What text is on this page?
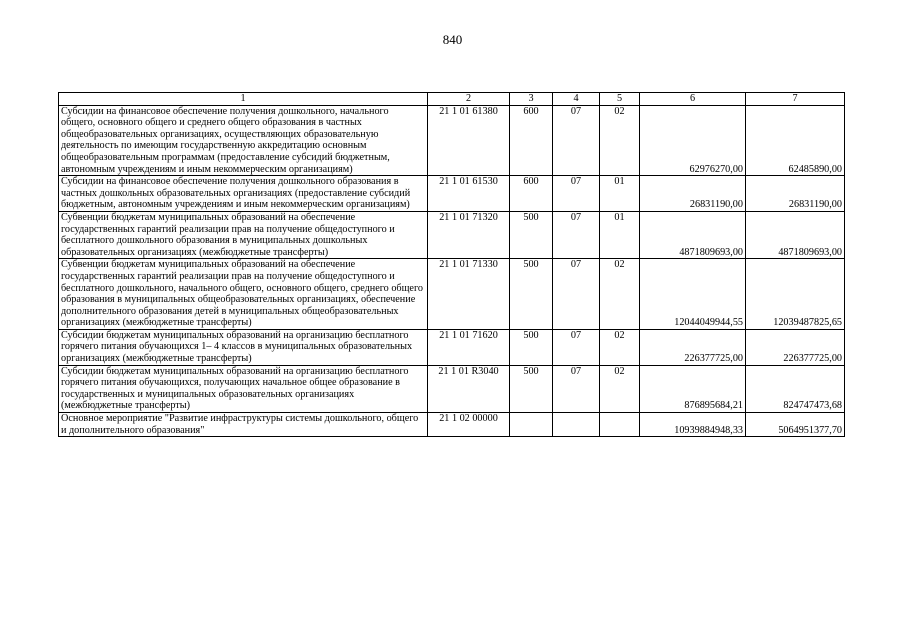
840
1	2	3	4	5	6	7
Субсидии на финансовое обеспечение получения дошкольного, начального общего, основного общего и среднего общего образования в частных общеобразовательных организациях, осуществляющих образовательную деятельность по имеющим государственную аккредитацию основным общеобразовательным программам (предоставление субсидий бюджетным, автономным учреждениям и иным некоммерческим организациям)	21 1 01 61380	600	07	02	62976270,00	62485890,00
Субсидии на финансовое обеспечение получения дошкольного образования в частных дошкольных образовательных организациях (предоставление субсидий бюджетным, автономным учреждениям и иным некоммерческим организациям)	21 1 01 61530	600	07	01	26831190,00	26831190,00
Субвенции бюджетам муниципальных образований на обеспечение государственных гарантий реализации прав на получение общедоступного и бесплатного дошкольного образования в муниципальных дошкольных образовательных организациях (межбюджетные трансферты)	21 1 01 71320	500	07	01	4871809693,00	4871809693,00
Субвенции бюджетам муниципальных образований на обеспечение государственных гарантий реализации прав на получение общедоступного и бесплатного дошкольного, начального общего, основного общего, среднего общего образования в муниципальных общеобразовательных организациях, обеспечение дополнительного образования детей в муниципальных общеобразовательных организациях (межбюджетные трансферты)	21 1 01 71330	500	07	02	12044049944,55	12039487825,65
Субсидии бюджетам муниципальных образований на организацию бесплатного горячего питания обучающихся 1– 4 классов в муниципальных образовательных организациях (межбюджетные трансферты)	21 1 01 71620	500	07	02	226377725,00	226377725,00
Субсидии бюджетам муниципальных образований на организацию бесплатного горячего питания обучающихся, получающих начальное общее образование в государственных и муниципальных образовательных организациях (межбюджетные трансферты)	21 1 01 R3040	500	07	02	876895684,21	824747473,68
Основное мероприятие "Развитие инфраструктуры системы дошкольного, общего и дополнительного образования"	21 1 02 00000				10939884948,33	5064951377,70
